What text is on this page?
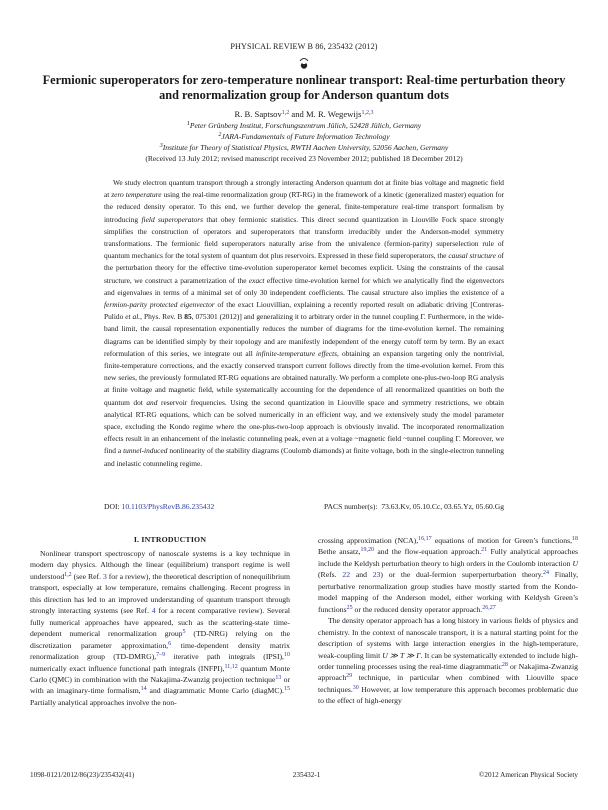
PHYSICAL REVIEW B 86, 235432 (2012)
Fermionic superoperators for zero-temperature nonlinear transport: Real-time perturbation theory
and renormalization group for Anderson quantum dots
R. B. Saptsov$^{1,2}$ and M. R. Wegewijs$^{1,2,3}$
$^1$Peter Grünberg Institut, Forschungszentrum Jülich, 52428 Jülich, Germany
$^2$JARA-Fundamentals of Future Information Technology
$^3$Institute for Theory of Statistical Physics, RWTH Aachen University, 52056 Aachen, Germany
(Received 13 July 2012; revised manuscript received 23 November 2012; published 18 December 2012)
We study electron quantum transport through a strongly interacting Anderson quantum dot at finite bias voltage and magnetic field at zero temperature using the real-time renormalization group (RT-RG) in the framework of a kinetic (generalized master) equation for the reduced density operator. To this end, we further develop the general, finite-temperature real-time transport formalism by introducing field superoperators that obey fermionic statistics. This direct second quantization in Liouville Fock space strongly simplifies the construction of operators and superoperators that transform irreducibly under the Anderson-model symmetry transformations. The fermionic field superoperators naturally arise from the univalence (fermion-parity) superselection rule of quantum mechanics for the total system of quantum dot plus reservoirs. Expressed in these field superoperators, the causal structure of the perturbation theory for the effective time-evolution superoperator kernel becomes explicit. Using the constraints of the causal structure, we construct a parametrization of the exact effective time-evolution kernel for which we analytically find the eigenvectors and eigenvalues in terms of a minimal set of only 30 independent coefficients. The causal structure also implies the existence of a fermion-parity protected eigenvector of the exact Liouvillian, explaining a recently reported result on adiabatic driving [Contreras-Pulido et al., Phys. Rev. B 85, 075301 (2012)] and generalizing it to arbitrary order in the tunnel coupling Γ. Furthermore, in the wide-band limit, the causal representation exponentially reduces the number of diagrams for the time-evolution kernel. The remaining diagrams can be identified simply by their topology and are manifestly independent of the energy cutoff term by term. By an exact reformulation of this series, we integrate out all infinite-temperature effects, obtaining an expansion targeting only the nontrivial, finite-temperature corrections, and the exactly conserved transport current follows directly from the time-evolution kernel. From this new series, the previously formulated RT-RG equations are obtained naturally. We perform a complete one-plus-two-loop RG analysis at finite voltage and magnetic field, while systematically accounting for the dependence of all renormalized quantities on both the quantum dot and reservoir frequencies. Using the second quantization in Liouville space and symmetry restrictions, we obtain analytical RT-RG equations, which can be solved numerically in an efficient way, and we extensively study the model parameter space, excluding the Kondo regime where the one-plus-two-loop approach is obviously invalid. The incorporated renormalization effects result in an enhancement of the inelastic cotunneling peak, even at a voltage ~magnetic field ~tunnel coupling Γ. Moreover, we find a tunnel-induced nonlinearity of the stability diagrams (Coulomb diamonds) at finite voltage, both in the single-electron tunneling and inelastic cotunneling regime.
DOI: 10.1103/PhysRevB.86.235432	PACS number(s): 73.63.Kv, 05.10.Cc, 03.65.Yz, 05.60.Gg
I. INTRODUCTION

Nonlinear transport spectroscopy of nanoscale systems is a key technique in modern day physics. Although the linear (equilibrium) transport regime is well understood$^{1,2}$ (see Ref. 3 for a review), the theoretical description of nonequilibrium transport, especially at low temperature, remains challenging. Recent progress in this direction has led to an improved understanding of quantum transport through strongly interacting systems (see Ref. 4 for a recent comparative review). Several fully numerical approaches have appeared, such as the scattering-state time-dependent numerical renormalization group$^5$ (TD-NRG) relying on the discretization parameter approximation,$^6$ time-dependent density matrix renormalization group (TD-DMRG),$^{7-9}$ iterative path integrals (IPSI),$^{10}$ numerically exact influence functional path integrals (INFPI),$^{11,12}$ quantum Monte Carlo (QMC) in combination with the Nakajima-Zwanzig projection technique$^{13}$ or with an imaginary-time formalism,$^{14}$ and diagrammatic Monte Carlo (diagMC).$^{15}$ Partially analytical approaches involve the non-

crossing approximation (NCA),$^{16,17}$ equations of motion for Green’s functions,$^{18}$ Bethe ansatz,$^{19,20}$ and the flow-equation approach.$^{21}$ Fully analytical approaches include the Keldysh perturbation theory to high orders in the Coulomb interaction U (Refs. 22 and 23) or the dual-fermion superperturbation theory.$^{24}$ Finally, perturbative renormalization group studies have mostly started from the Kondo-model mapping of the Anderson model, either working with Keldysh Green’s functions$^{25}$ or the reduced density operator approach.$^{26,27}$

The density operator approach has a long history in various fields of physics and chemistry. In the context of nanoscale transport, it is a natural starting point for the description of systems with large interaction energies in the high-temperature, weak-coupling limit U ≫ T ≫ Γ. It can be systematically extended to include high-order tunneling processes using the real-time diagrammatic$^{28}$ or Nakajima-Zwanzig approach$^{29}$ technique, in particular when combined with Liouville space techniques.$^{30}$ However, at low temperature this approach becomes problematic due to the effect of high-energy

1098-0121/2012/86(23)/235432(41)	235432-1	©2012 American Physical Society
